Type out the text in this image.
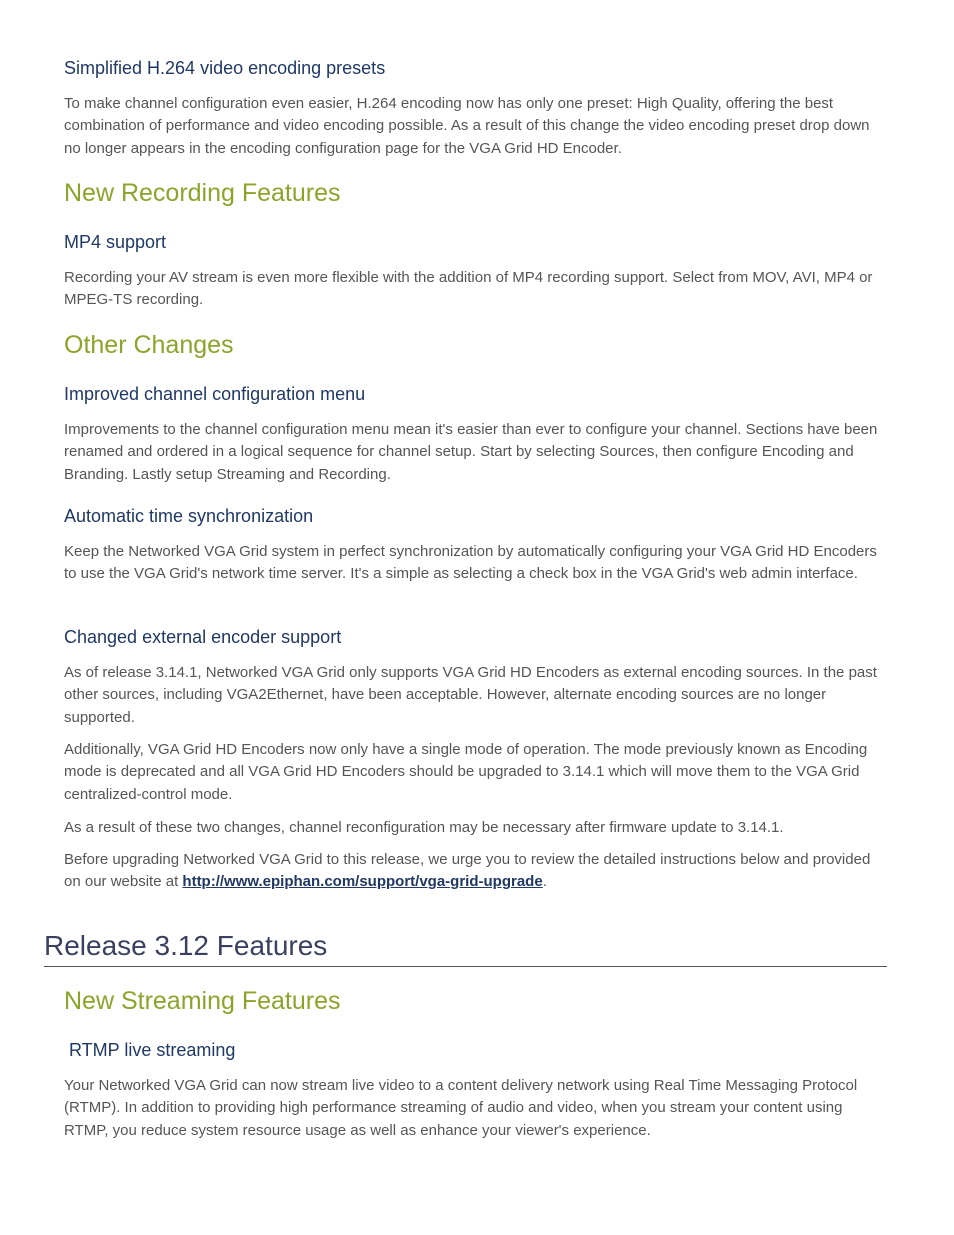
Simplified H.264 video encoding presets

To make channel configuration even easier, H.264 encoding now has only one preset: High Quality, offering the best combination of performance and video encoding possible. As a result of this change the video encoding preset drop down no longer appears in the encoding configuration page for the VGA Grid HD Encoder.

New Recording Features
MP4 support

Recording your AV stream is even more flexible with the addition of MP4 recording support. Select from MOV, AVI, MP4 or MPEG-TS recording.

Other Changes
Improved channel configuration menu

Improvements to the channel configuration menu mean it's easier than ever to configure your channel. Sections have been renamed and ordered in a logical sequence for channel setup. Start by selecting Sources, then configure Encoding and Branding. Lastly setup Streaming and Recording.

Automatic time synchronization

Keep the Networked VGA Grid system in perfect synchronization by automatically configuring your VGA Grid HD Encoders to use the VGA Grid's network time server. It's a simple as selecting a check box in the VGA Grid's web admin interface.

Changed external encoder support

As of release 3.14.1, Networked VGA Grid only supports VGA Grid HD Encoders as external encoding sources. In the past other sources, including VGA2Ethernet, have been acceptable. However, alternate encoding sources are no longer supported.

Additionally, VGA Grid HD Encoders now only have a single mode of operation. The mode previously known as Encoding mode is deprecated and all VGA Grid HD Encoders should be upgraded to 3.14.1 which will move them to the VGA Grid centralized-control mode.

As a result of these two changes, channel reconfiguration may be necessary after firmware update to 3.14.1.

Before upgrading Networked VGA Grid to this release, we urge you to review the detailed instructions below and provided on our website at http://www.epiphan.com/support/vga-grid-upgrade.

Release 3.12 Features
New Streaming Features
RTMP live streaming

Your Networked VGA Grid can now stream live video to a content delivery network using Real Time Messaging Protocol (RTMP). In addition to providing high performance streaming of audio and video, when you stream your content using RTMP, you reduce system resource usage as well as enhance your viewer's experience.
